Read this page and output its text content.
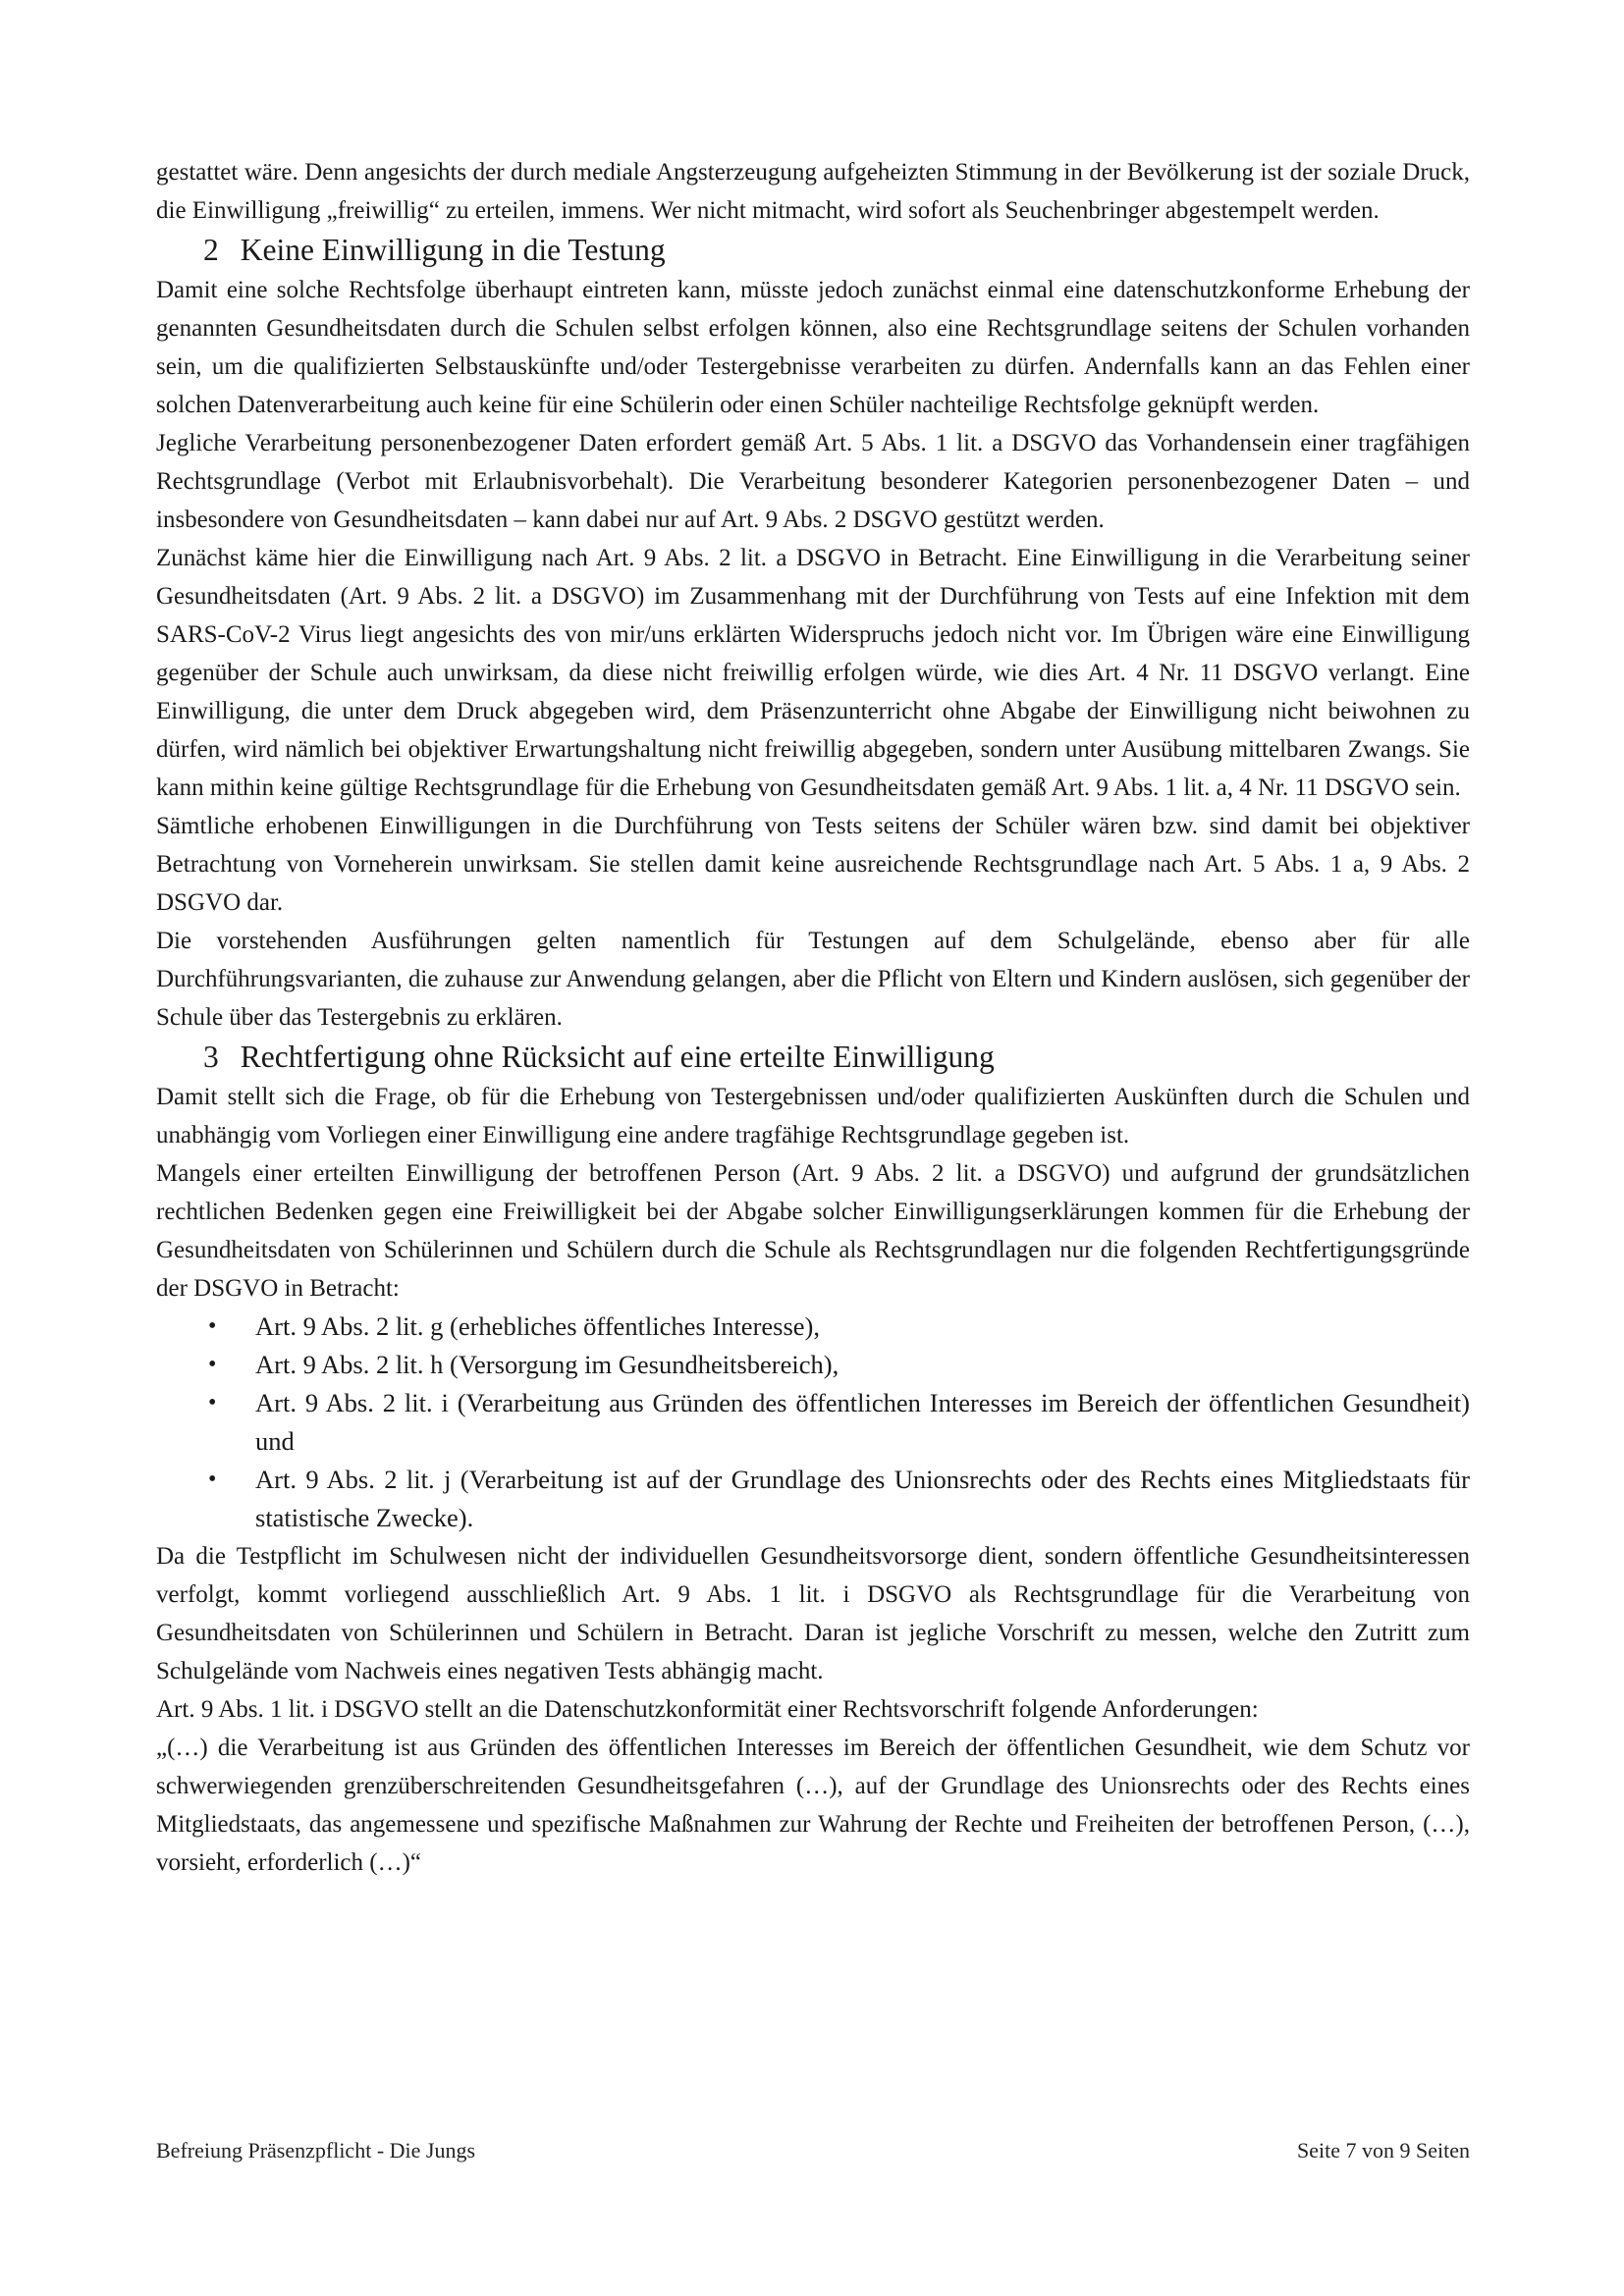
gestattet wäre. Denn angesichts der durch mediale Angsterzeugung aufgeheizten Stimmung in der Bevölkerung ist der soziale Druck, die Einwilligung „freiwillig“ zu erteilen, immens. Wer nicht mitmacht, wird sofort als Seuchenbringer abgestempelt werden.

2 Keine Einwilligung in die Testung

Damit eine solche Rechtsfolge überhaupt eintreten kann, müsste jedoch zunächst einmal eine datenschutzkonforme Erhebung der genannten Gesundheitsdaten durch die Schulen selbst erfolgen können, also eine Rechtsgrundlage seitens der Schulen vorhanden sein, um die qualifizierten Selbstauskünfte und/oder Testergebnisse verarbeiten zu dürfen. Andernfalls kann an das Fehlen einer solchen Datenverarbeitung auch keine für eine Schülerin oder einen Schüler nachteilige Rechtsfolge geknüpft werden.

Jegliche Verarbeitung personenbezogener Daten erfordert gemäß Art. 5 Abs. 1 lit. a DSGVO das Vorhandensein einer tragfähigen Rechtsgrundlage (Verbot mit Erlaubnisvorbehalt). Die Verarbeitung besonderer Kategorien personenbezogener Daten – und insbesondere von Gesundheitsdaten – kann dabei nur auf Art. 9 Abs. 2 DSGVO gestützt werden.

Zunächst käme hier die Einwilligung nach Art. 9 Abs. 2 lit. a DSGVO in Betracht. Eine Einwilligung in die Verarbeitung seiner Gesundheitsdaten (Art. 9 Abs. 2 lit. a DSGVO) im Zusammenhang mit der Durchführung von Tests auf eine Infektion mit dem SARS-CoV-2 Virus liegt angesichts des von mir/uns erklärten Widerspruchs jedoch nicht vor. Im Übrigen wäre eine Einwilligung gegenüber der Schule auch unwirksam, da diese nicht freiwillig erfolgen würde, wie dies Art. 4 Nr. 11 DSGVO verlangt. Eine Einwilligung, die unter dem Druck abgegeben wird, dem Präsenzunterricht ohne Abgabe der Einwilligung nicht beiwohnen zu dürfen, wird nämlich bei objektiver Erwartungshaltung nicht freiwillig abgegeben, sondern unter Ausübung mittelbaren Zwangs. Sie kann mithin keine gültige Rechtsgrundlage für die Erhebung von Gesundheitsdaten gemäß Art. 9 Abs. 1 lit. a, 4 Nr. 11 DSGVO sein.

Sämtliche erhobenen Einwilligungen in die Durchführung von Tests seitens der Schüler wären bzw. sind damit bei objektiver Betrachtung von Vorneherein unwirksam. Sie stellen damit keine ausreichende Rechtsgrundlage nach Art. 5 Abs. 1 a, 9 Abs. 2 DSGVO dar.

Die vorstehenden Ausführungen gelten namentlich für Testungen auf dem Schulgelände, ebenso aber für alle Durchführungsvarianten, die zuhause zur Anwendung gelangen, aber die Pflicht von Eltern und Kindern auslösen, sich gegenüber der Schule über das Testergebnis zu erklären.

3 Rechtfertigung ohne Rücksicht auf eine erteilte Einwilligung

Damit stellt sich die Frage, ob für die Erhebung von Testergebnissen und/oder qualifizierten Auskünften durch die Schulen und unabhängig vom Vorliegen einer Einwilligung eine andere tragfähige Rechtsgrundlage gegeben ist.

Mangels einer erteilten Einwilligung der betroffenen Person (Art. 9 Abs. 2 lit. a DSGVO) und aufgrund der grundsätzlichen rechtlichen Bedenken gegen eine Freiwilligkeit bei der Abgabe solcher Einwilligungserklärungen kommen für die Erhebung der Gesundheitsdaten von Schülerinnen und Schülern durch die Schule als Rechtsgrundlagen nur die folgenden Rechtfertigungsgründe der DSGVO in Betracht:

• Art. 9 Abs. 2 lit. g (erhebliches öffentliches Interesse),
• Art. 9 Abs. 2 lit. h (Versorgung im Gesundheitsbereich),
• Art. 9 Abs. 2 lit. i (Verarbeitung aus Gründen des öffentlichen Interesses im Bereich der öffentlichen Gesundheit) und
• Art. 9 Abs. 2 lit. j (Verarbeitung ist auf der Grundlage des Unionsrechts oder des Rechts eines Mitgliedstaats für statistische Zwecke).

Da die Testpflicht im Schulwesen nicht der individuellen Gesundheitsvorsorge dient, sondern öffentliche Gesundheitsinteressen verfolgt, kommt vorliegend ausschließlich Art. 9 Abs. 1 lit. i DSGVO als Rechtsgrundlage für die Verarbeitung von Gesundheitsdaten von Schülerinnen und Schülern in Betracht. Daran ist jegliche Vorschrift zu messen, welche den Zutritt zum Schulgelände vom Nachweis eines negativen Tests abhängig macht.

Art. 9 Abs. 1 lit. i DSGVO stellt an die Datenschutzkonformität einer Rechtsvorschrift folgende Anforderungen:

„(…) die Verarbeitung ist aus Gründen des öffentlichen Interesses im Bereich der öffentlichen Gesundheit, wie dem Schutz vor schwerwiegenden grenzüberschreitenden Gesundheitsgefahren (…), auf der Grundlage des Unionsrechts oder des Rechts eines Mitgliedstaats, das angemessene und spezifische Maßnahmen zur Wahrung der Rechte und Freiheiten der betroffenen Person, (…), vorsieht, erforderlich (…)“

Befreiung Präsenzpflicht - Die Jungs	Seite 7 von 9 Seiten
